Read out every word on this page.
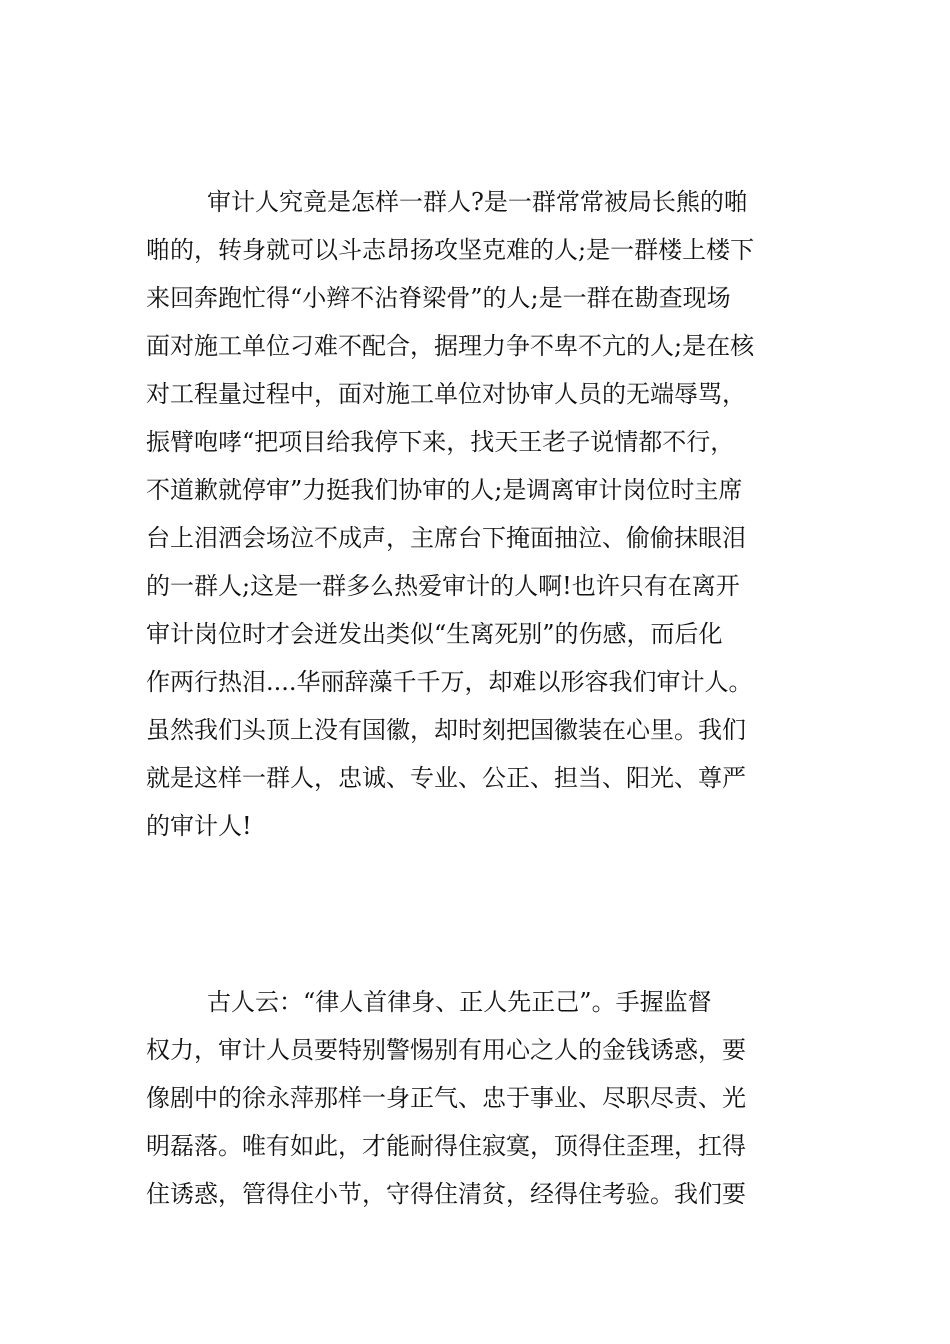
审计人究竟是怎样一群人?是一群常常被局长熊的啪
啪的，转身就可以斗志昂扬攻坚克难的人;是一群楼上楼下
来回奔跑忙得“小辫不沾脊梁骨”的人;是一群在勘查现场
面对施工单位刁难不配合，据理力争不卑不亢的人;是在核
对工程量过程中，面对施工单位对协审人员的无端辱骂，
振臂咆哮“把项目给我停下来，找天王老子说情都不行，
不道歉就停审”力挺我们协审的人;是调离审计岗位时主席
台上泪洒会场泣不成声，主席台下掩面抽泣、偷偷抹眼泪
的一群人;这是一群多么热爱审计的人啊!也许只有在离开
审计岗位时才会迸发出类似“生离死别”的伤感，而后化
作两行热泪....华丽辞藻千千万，却难以形容我们审计人。
虽然我们头顶上没有国徽，却时刻把国徽装在心里。我们
就是这样一群人，忠诚、专业、公正、担当、阳光、尊严
的审计人!
古人云：“律人首律身、正人先正己”。手握监督
权力，审计人员要特别警惕别有用心之人的金钱诱惑，要
像剧中的徐永萍那样一身正气、忠于事业、尽职尽责、光
明磊落。唯有如此，才能耐得住寂寞，顶得住歪理，扛得
住诱惑，管得住小节，守得住清贫，经得住考验。我们要
